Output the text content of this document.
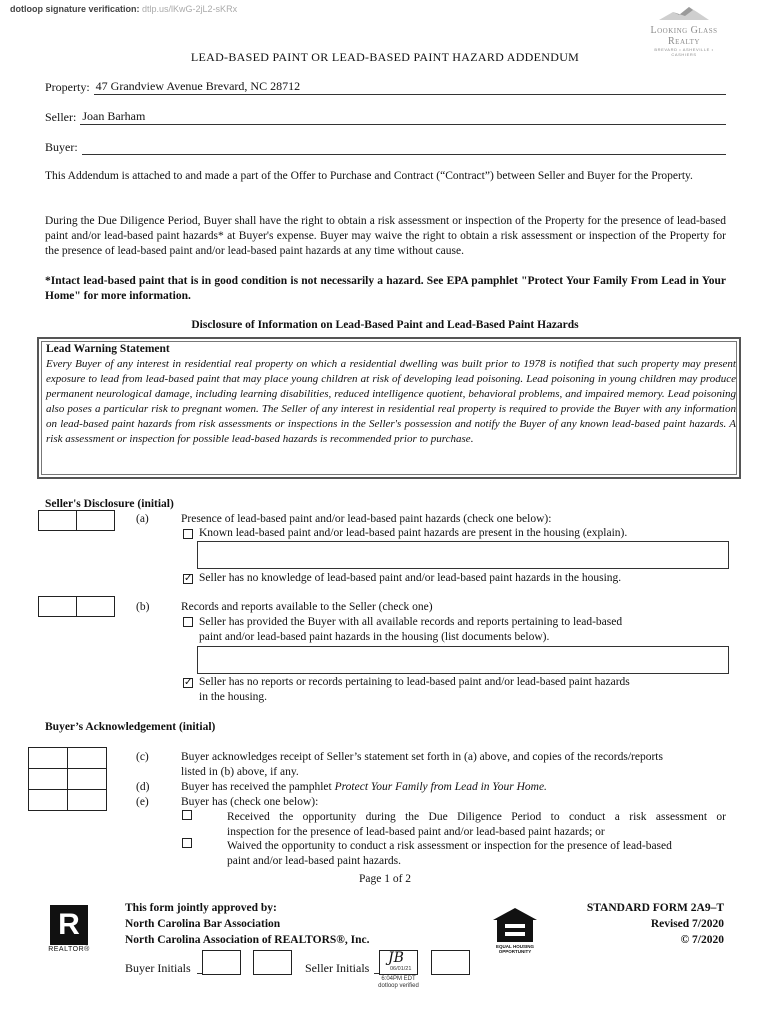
dotloop signature verification: dtlp.us/lKwG-2jL2-sKRx
Looking Glass Realty
BREVARD • ASHEVILLE • CASHIERS
LEAD-BASED PAINT OR LEAD-BASED PAINT HAZARD ADDENDUM
Property: 47 Grandview Avenue Brevard, NC 28712
Seller: Joan Barham
Buyer:
This Addendum is attached to and made a part of the Offer to Purchase and Contract (“Contract”) between Seller and Buyer for the Property.
During the Due Diligence Period, Buyer shall have the right to obtain a risk assessment or inspection of the Property for the presence of lead-based paint and/or lead-based paint hazards* at Buyer's expense. Buyer may waive the right to obtain a risk assessment or inspection of the Property for the presence of lead-based paint and/or lead-based paint hazards at any time without cause.
*Intact lead-based paint that is in good condition is not necessarily a hazard. See EPA pamphlet "Protect Your Family From Lead in Your Home" for more information.
Disclosure of Information on Lead-Based Paint and Lead-Based Paint Hazards
Lead Warning Statement
Every Buyer of any interest in residential real property on which a residential dwelling was built prior to 1978 is notified that such property may present exposure to lead from lead-based paint that may place young children at risk of developing lead poisoning. Lead poisoning in young children may produce permanent neurological damage, including learning disabilities, reduced intelligence quotient, behavioral problems, and impaired memory. Lead poisoning also poses a particular risk to pregnant women. The Seller of any interest in residential real property is required to provide the Buyer with any information on lead-based paint hazards from risk assessments or inspections in the Seller's possession and notify the Buyer of any known lead-based paint hazards. A risk assessment or inspection for possible lead-based hazards is recommended prior to purchase.
Seller's Disclosure (initial)
(a)	Presence of lead-based paint and/or lead-based paint hazards (check one below):
Known lead-based paint and/or lead-based paint hazards are present in the housing (explain).
✓ Seller has no knowledge of lead-based paint and/or lead-based paint hazards in the housing.
(b)	Records and reports available to the Seller (check one)
Seller has provided the Buyer with all available records and reports pertaining to lead-based
paint and/or lead-based paint hazards in the housing (list documents below).
✓ Seller has no reports or records pertaining to lead-based paint and/or lead-based paint hazards
in the housing.
Buyer’s Acknowledgement (initial)
(c)	Buyer acknowledges receipt of Seller’s statement set forth in (a) above, and copies of the records/reports
listed in (b) above, if any.
(d)	Buyer has received the pamphlet Protect Your Family from Lead in Your Home.
(e)	Buyer has (check one below):
Received the opportunity during the Due Diligence Period to conduct a risk assessment or
inspection for the presence of lead-based paint and/or lead-based paint hazards; or
Waived the opportunity to conduct a risk assessment or inspection for the presence of lead-based
paint and/or lead-based paint hazards.
Page 1 of 2
R
REALTOR®
This form jointly approved by:
North Carolina Bar Association
North Carolina Association of REALTORS®, Inc.
EQUAL HOUSING OPPORTUNITY
STANDARD FORM 2A9–T
Revised 7/2020
© 7/2020
Buyer Initials	Seller Initials
JB
06/01/21
6:04PM EDT
dotloop verified
